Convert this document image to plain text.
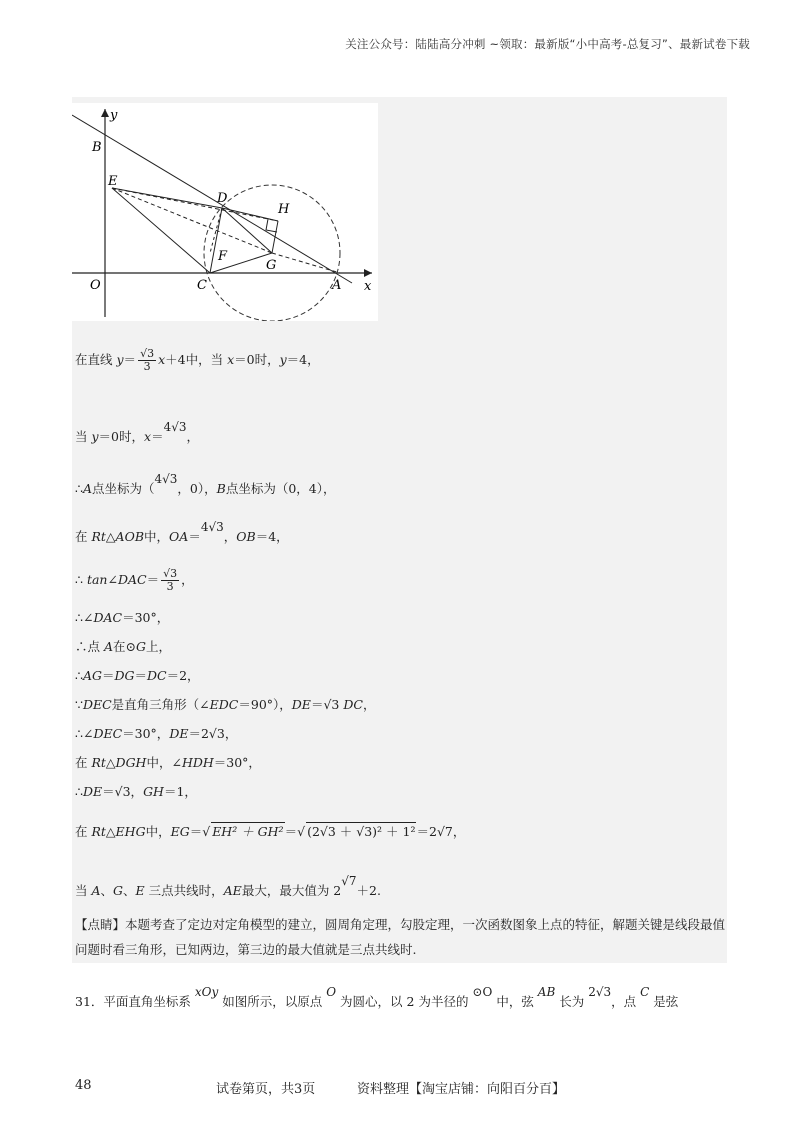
关注公众号：陆陆高分冲刺 ~领取：最新版“小中高考-总复习”、最新试卷下载
y
x
O
B
E
D
H
F
G
C	A
在直线 $y= \frac{√3}{3} x+4$中，当 x＝0时，y＝4，
当 y＝0时，x＝4√3，
∴A点坐标为（4√3，0），B点坐标为（0，4），
在 Rt△AOB中，OA＝4√3，OB＝4，
∴ tan∠DAC＝ $\frac{√3}{3}$ ，
∴∠DAC＝30°，
∴点 A在⊙G上，
∴AG＝DG＝DC＝2，
∵DEC是直角三角形（∠EDC＝90°），DE＝√3 DC，
∴∠DEC＝30°，DE＝2√3，
在 Rt△DGH中，∠HDH＝30°，
∴DE＝√3，GH＝1，
在 Rt△EHG中，EG＝√ EH² ＋ GH²＝√ (2√3 ＋ √3)² ＋ 1²＝2√7，
当 A、G、E 三点共线时，AE最大，最大值为 2√7＋2.
【点睛】本题考查了定边对定角模型的建立，圆周角定理，勾股定理，一次函数图象上点的特征，解题关键是线段最值问题时看三角形，已知两边，第三边的最大值就是三点共线时.
31．平面直角坐标系 xOy 如图所示，以原点 O 为圆心，以 2 为半径的 ⊙O 中，弦 AB 长为 2√3，点 C 是弦
48	试卷第页，共3页	资料整理【淘宝店铺：向阳百分百】
